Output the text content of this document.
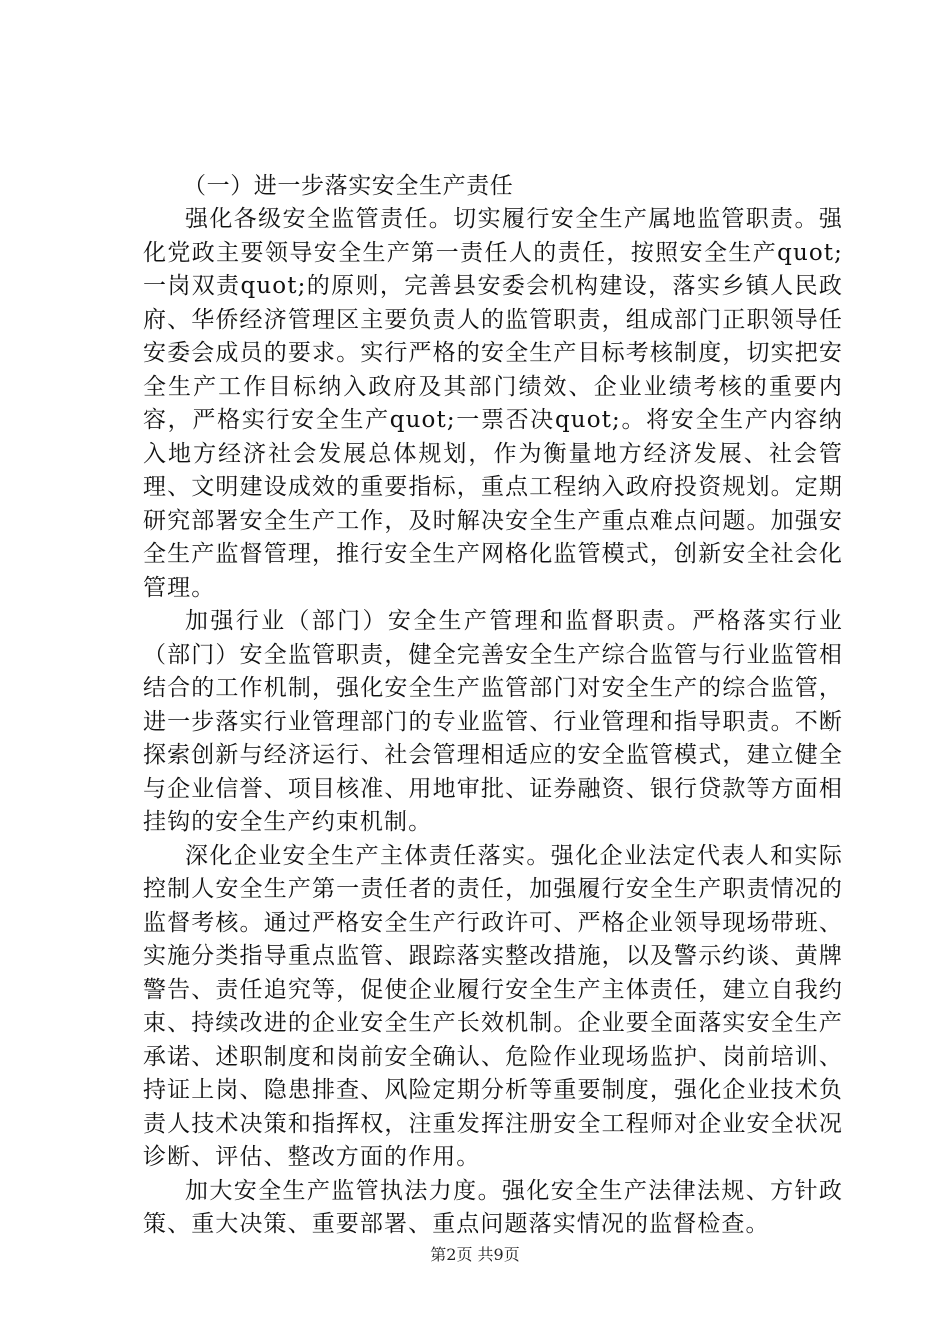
（一）进一步落实安全生产责任

强化各级安全监管责任。切实履行安全生产属地监管职责。强化党政主要领导安全生产第一责任人的责任，按照安全生产quot;一岗双责quot;的原则，完善县安委会机构建设，落实乡镇人民政府、华侨经济管理区主要负责人的监管职责，组成部门正职领导任安委会成员的要求。实行严格的安全生产目标考核制度，切实把安全生产工作目标纳入政府及其部门绩效、企业业绩考核的重要内容，严格实行安全生产quot;一票否决quot;。将安全生产内容纳入地方经济社会发展总体规划，作为衡量地方经济发展、社会管理、文明建设成效的重要指标，重点工程纳入政府投资规划。定期研究部署安全生产工作，及时解决安全生产重点难点问题。加强安全生产监督管理，推行安全生产网格化监管模式，创新安全社会化管理。

加强行业（部门）安全生产管理和监督职责。严格落实行业（部门）安全监管职责，健全完善安全生产综合监管与行业监管相结合的工作机制，强化安全生产监管部门对安全生产的综合监管，进一步落实行业管理部门的专业监管、行业管理和指导职责。不断探索创新与经济运行、社会管理相适应的安全监管模式，建立健全与企业信誉、项目核准、用地审批、证券融资、银行贷款等方面相挂钩的安全生产约束机制。

深化企业安全生产主体责任落实。强化企业法定代表人和实际控制人安全生产第一责任者的责任，加强履行安全生产职责情况的监督考核。通过严格安全生产行政许可、严格企业领导现场带班、实施分类指导重点监管、跟踪落实整改措施，以及警示约谈、黄牌警告、责任追究等，促使企业履行安全生产主体责任，建立自我约束、持续改进的企业安全生产长效机制。企业要全面落实安全生产承诺、述职制度和岗前安全确认、危险作业现场监护、岗前培训、持证上岗、隐患排查、风险定期分析等重要制度，强化企业技术负责人技术决策和指挥权，注重发挥注册安全工程师对企业安全状况诊断、评估、整改方面的作用。

加大安全生产监管执法力度。强化安全生产法律法规、方针政策、重大决策、重要部署、重点问题落实情况的监督检查。

第2页 共9页
